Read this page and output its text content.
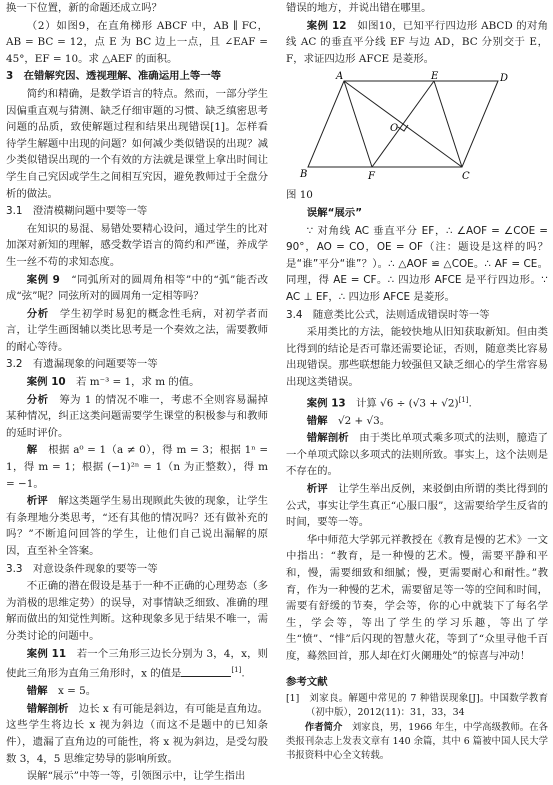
换一下位置，新的命题还成立吗？

（2）如图9，在直角梯形 ABCF 中，AB ∥ FC，AB = BC = 12，点 E 为 BC 边上一点，且 ∠EAF = 45°，EF = 10。求 △AEF 的面积。

3　在错解究因、透视理解、准确运用上等一等

简约和精确，是数学语言的特点。然而，一部分学生因偏重直观与猜测、缺乏仔细审题的习惯、缺乏缜密思考问题的品质，致使解题过程和结果出现错误[1]。怎样看待学生解题中出现的问题？如何减少类似错误的出现？减少类似错误出现的一个有效的方法就是课堂上拿出时间让学生自己究因或学生之间相互究因，避免教师过于全盘分析的做法。

3.1　澄清模糊问题中要等一等

在知识的易混、易错处要精心设问，通过学生的比对加深对新知的理解，感受数学语言的简约和严谨，养成学生一丝不苟的求知态度。

案例 9　 “同弧所对的圆周角相等”中的“弧”能否改成“弦”呢？同弦所对的圆周角一定相等吗？

分析　 学生初学时易犯的概念性毛病，对初学者而言，让学生画图辅以类比思考是一个奏效之法，需要教师的耐心等待。

3.2　有遗漏现象的问题要等一等

案例 10　 若 m⁻³ = 1，求 m 的值。

分析　 筹为 1 的情况不唯一，考虑不全则容易漏掉某种情况，纠正这类问题需要学生课堂的积极参与和教师的延时评价。

解　 根据 a⁰ = 1（a ≠ 0），得 m = 3；根据 1ⁿ = 1，得 m = 1；根据 (−1)²ⁿ = 1（n 为正整数），得 m = −1。

析评　 解这类题学生易出现顾此失彼的现象，让学生有条理地分类思考，“还有其他的情况吗？还有做补充的吗？”不断追问回答的学生，让他们自己说出漏解的原因，直至补全答案。

3.3　对意设条件现象的要等一等

不正确的潜在假设是基于一种不正确的心理势态（多为消极的思维定势）的误导，对事情缺乏细致、准确的理解而做出的知觉性判断。这种现象多见于结果不唯一，需分类讨论的问题中。

案例 11　 若一个三角形三边长分别为 3，4，x，则使此三角形为直角三角形时，x 的值是	[1].

错解　 x = 5。

错解剖析　 边长 x 有可能是斜边，有可能是直角边。这些学生将边长 x 视为斜边（而这不是题中的已知条件），遗漏了直角边的可能性，将 x 视为斜边，是受勾股数 3，4，5 思维定势导的影响所致。

误解“展示”中等一等，引领图示中，让学生指出

错误的地方，并说出错在哪里。

案例 12　 如图10，已知平行四边形 ABCD 的对角线 AC 的垂直平分线 EF 与边 AD，BC 分别交于 E，F，求证四边形 AFCE 是菱形。

A	E	D
O
B	F	C

图 10

误解“展示”

∵ 对角线 AC 垂直平分 EF，∴ ∠AOF = ∠COE = 90°，AO = CO，OE = OF（注：题设是这样的吗？是“谁”平分“谁”？）。∴ △AOF ≌ △COE。∴ AF = CE。同理，得 AE = CF。∴ 四边形 AFCE 是平行四边形。∵ AC ⊥ EF，∴ 四边形 AFCE 是菱形。

3.4　随意类比公式，法则适成错误时等一等

采用类比的方法，能较快地从旧知获取新知。但由类比得到的结论是否可靠还需要论证，否则，随意类比容易出现错误。那些联想能力较强但又缺乏细心的学生常容易出现这类错误。

案例 13　 计算 √6 ÷ (√3 + √2)[1].

错解　 √2 + √3。

错解剖析　 由于类比单项式乘多项式的法则，臆造了一个单项式除以多项式的法则所致。事实上，这个法则是不存在的。

析评　 让学生举出反例，来驳倒由所谓的类比得到的公式，事实让学生真正“心服口服”，这需要给学生反省的时间，要等一等。

华中师范大学郭元祥教授在《教育是慢的艺术》一文中指出：“教育，是一种慢的艺术。慢，需要平静和平和，慢，需要细致和细腻；慢，更需要耐心和耐性。”教育，作为一种慢的艺术，需要留足等一等的空间和时间，需要有舒缓的节奏，学会等，你的心中就装下了每名学生，学会等，等出了学生的学习乐趣，等出了学生“愤”、“悱”后闪现的智慧火花，等到了“众里寻他千百度，蓦然回首，那人却在灯火阑珊处”的惊喜与冲动！

参考文献

[1]　刘家良。解题中常见的 7 种错误现象[J]。中国数学教育（初中版），2012(11)：31，33，34

作者简介　 刘家良，男，1966 年生，中学高级教师。在各类报刊杂志上发表文章有 140 余篇，其中 6 篇被中国人民大学书报资料中心全文转载。
